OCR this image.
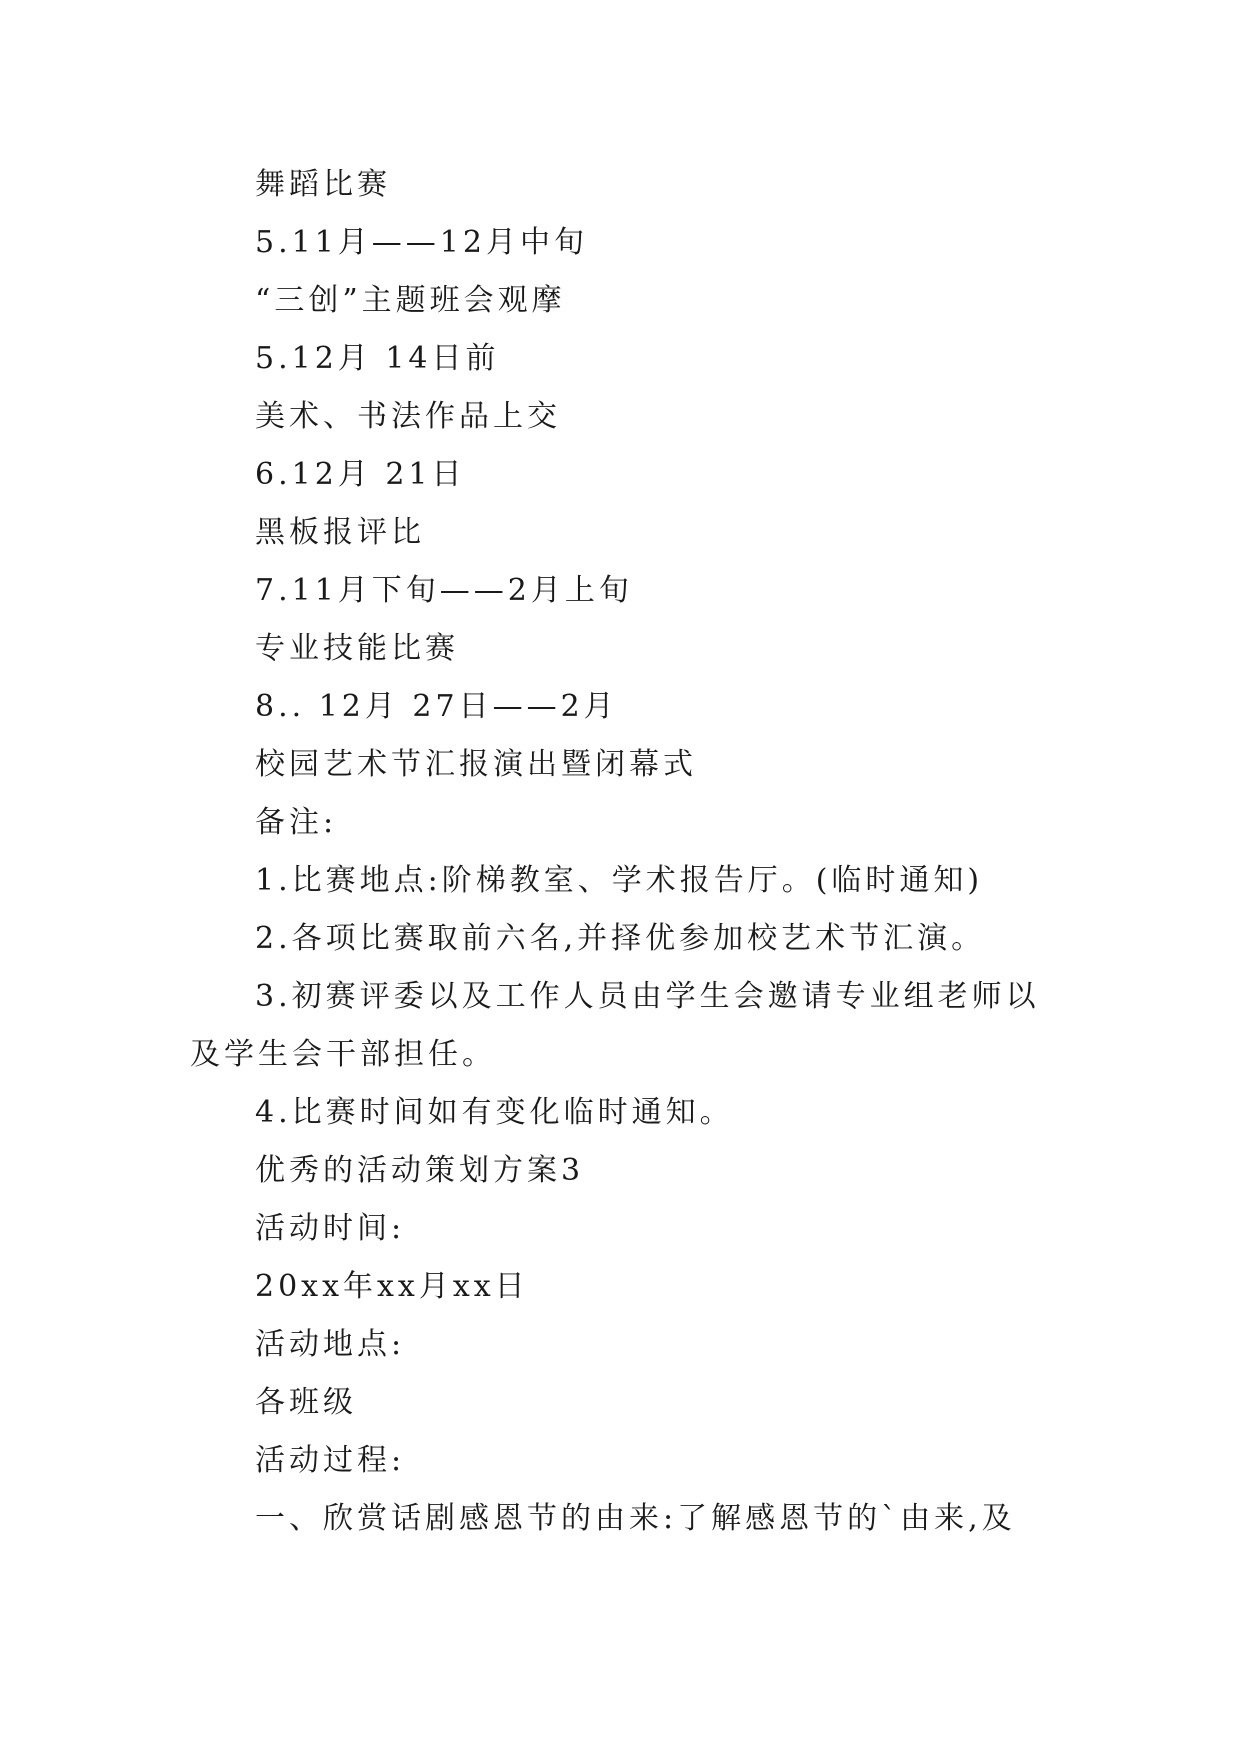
舞蹈比赛
5.11月——12月中旬
“三创”主题班会观摩
5.12月 14日前
美术、书法作品上交
6.12月 21日
黑板报评比
7.11月下旬——2月上旬
专业技能比赛
8.. 12月 27日——2月
校园艺术节汇报演出暨闭幕式
备注:
1.比赛地点:阶梯教室、学术报告厅。(临时通知)
2.各项比赛取前六名,并择优参加校艺术节汇演。
3.初赛评委以及工作人员由学生会邀请专业组老师以
及学生会干部担任。
4.比赛时间如有变化临时通知。
优秀的活动策划方案3
活动时间:
20xx年xx月xx日
活动地点:
各班级
活动过程:
一、欣赏话剧感恩节的由来:了解感恩节的`由来,及
